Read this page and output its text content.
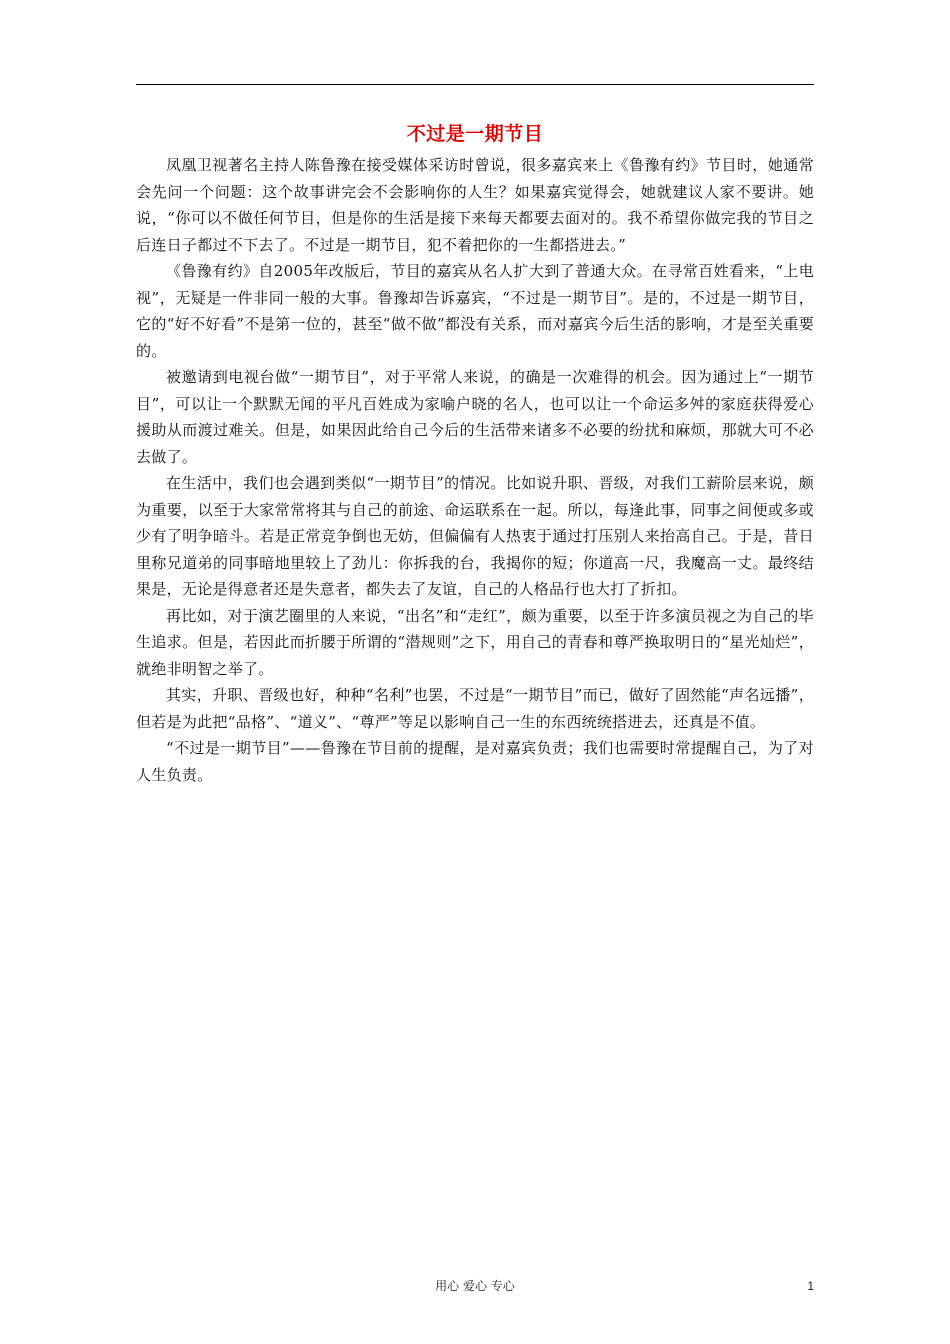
不过是一期节目

凤凰卫视著名主持人陈鲁豫在接受媒体采访时曾说，很多嘉宾来上《鲁豫有约》节目时，她通常会先问一个问题：这个故事讲完会不会影响你的人生？如果嘉宾觉得会，她就建议人家不要讲。她说，“你可以不做任何节目，但是你的生活是接下来每天都要去面对的。我不希望你做完我的节目之后连日子都过不下去了。不过是一期节目，犯不着把你的一生都搭进去。”

《鲁豫有约》自2005年改版后，节目的嘉宾从名人扩大到了普通大众。在寻常百姓看来，“上电视”，无疑是一件非同一般的大事。鲁豫却告诉嘉宾，“不过是一期节目”。是的，不过是一期节目，它的“好不好看”不是第一位的，甚至“做不做”都没有关系，而对嘉宾今后生活的影响，才是至关重要的。

被邀请到电视台做“一期节目”，对于平常人来说，的确是一次难得的机会。因为通过上“一期节目”，可以让一个默默无闻的平凡百姓成为家喻户晓的名人，也可以让一个命运多舛的家庭获得爱心援助从而渡过难关。但是，如果因此给自己今后的生活带来诸多不必要的纷扰和麻烦，那就大可不必去做了。

在生活中，我们也会遇到类似“一期节目”的情况。比如说升职、晋级，对我们工薪阶层来说，颇为重要，以至于大家常常将其与自己的前途、命运联系在一起。所以，每逢此事，同事之间便或多或少有了明争暗斗。若是正常竞争倒也无妨，但偏偏有人热衷于通过打压别人来抬高自己。于是，昔日里称兄道弟的同事暗地里较上了劲儿：你拆我的台，我揭你的短；你道高一尺，我魔高一丈。最终结果是，无论是得意者还是失意者，都失去了友谊，自己的人格品行也大打了折扣。

再比如，对于演艺圈里的人来说，“出名”和“走红”，颇为重要，以至于许多演员视之为自己的毕生追求。但是，若因此而折腰于所谓的“潜规则”之下，用自己的青春和尊严换取明日的“星光灿烂”，就绝非明智之举了。

其实，升职、晋级也好，种种“名利”也罢，不过是“一期节目”而已，做好了固然能“声名远播”，但若是为此把“品格”、“道义”、“尊严”等足以影响自己一生的东西统统搭进去，还真是不值。

“不过是一期节目”——鲁豫在节目前的提醒，是对嘉宾负责；我们也需要时常提醒自己，为了对人生负责。

用心 爱心 专心	1
